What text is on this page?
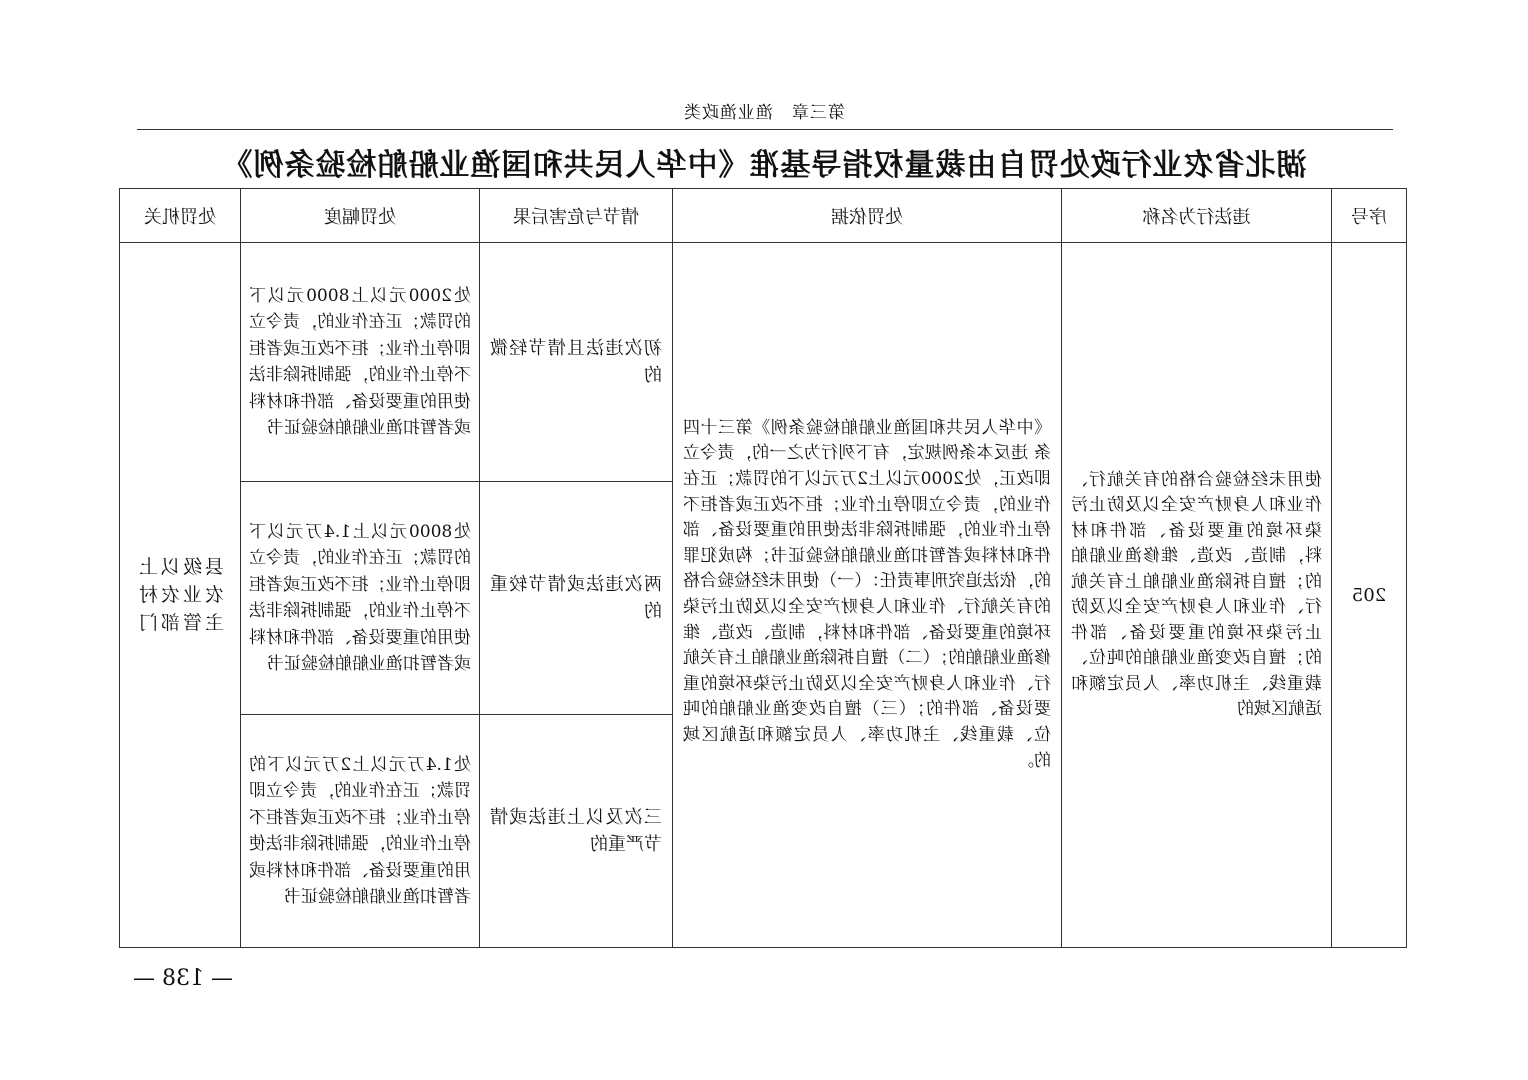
第三章　渔业渔政类
湖北省农业行政处罚自由裁量权指导基准《中华人民共和国渔业船舶检验条例》
序号	违法行为名称	处罚依据	情节与危害后果	处罚幅度	处罚机关
205	使用未经检验合格的有关航行、作业和人身财产安全以及防止污染环境的重要设备、部件和材料，制造、改造、维修渔业船舶的；擅自拆除渔业船舶上有关航行、作业和人身财产安全以及防止污染环境的重要设备、部件的；擅自改变渔业船舶的吨位、载重线、主机功率、人员定额和适航区域的	《中华人民共和国渔业船舶检验条例》第三十四条 违反本条例规定，有下列行为之一的，责令立即改正，处2000元以上2万元以下的罚款；正在作业的，责令立即停止作业；拒不改正或者拒不停止作业的，强制拆除非法使用的重要设备、部件和材料或者暂扣渔业船舶检验证书；构成犯罪的，依法追究刑事责任：（一）使用未经检验合格的有关航行、作业和人身财产安全以及防止污染环境的重要设备、部件和材料，制造、改造、维修渔业船舶的；（二）擅自拆除渔业船舶上有关航行、作业和人身财产安全以及防止污染环境的重要设备、部件的；（三）擅自改变渔业船舶的吨位、载重线、主机功率、人员定额和适航区域的。	初次违法且情节轻微的	处2000元以上8000元以下的罚款；正在作业的，责令立即停止作业；拒不改正或者拒不停止作业的，强制拆除非法使用的重要设备、部件和材料或者暂扣渔业船舶检验证书	县级以上农业农村主管部门

			两次违法或情节较重的	处8000元以上1.4万元以下的罚款；正在作业的，责令立即停止作业；拒不改正或者拒不停止作业的，强制拆除非法使用的重要设备、部件和材料或者暂扣渔业船舶检验证书	

			三次及以上违法或情节严重的	处1.4万元以上2万元以下的罚款；正在作业的，责令立即停止作业；拒不改正或者拒不停止作业的，强制拆除非法使用的重要设备、部件和材料或者暂扣渔业船舶检验证书	
— 138 —
